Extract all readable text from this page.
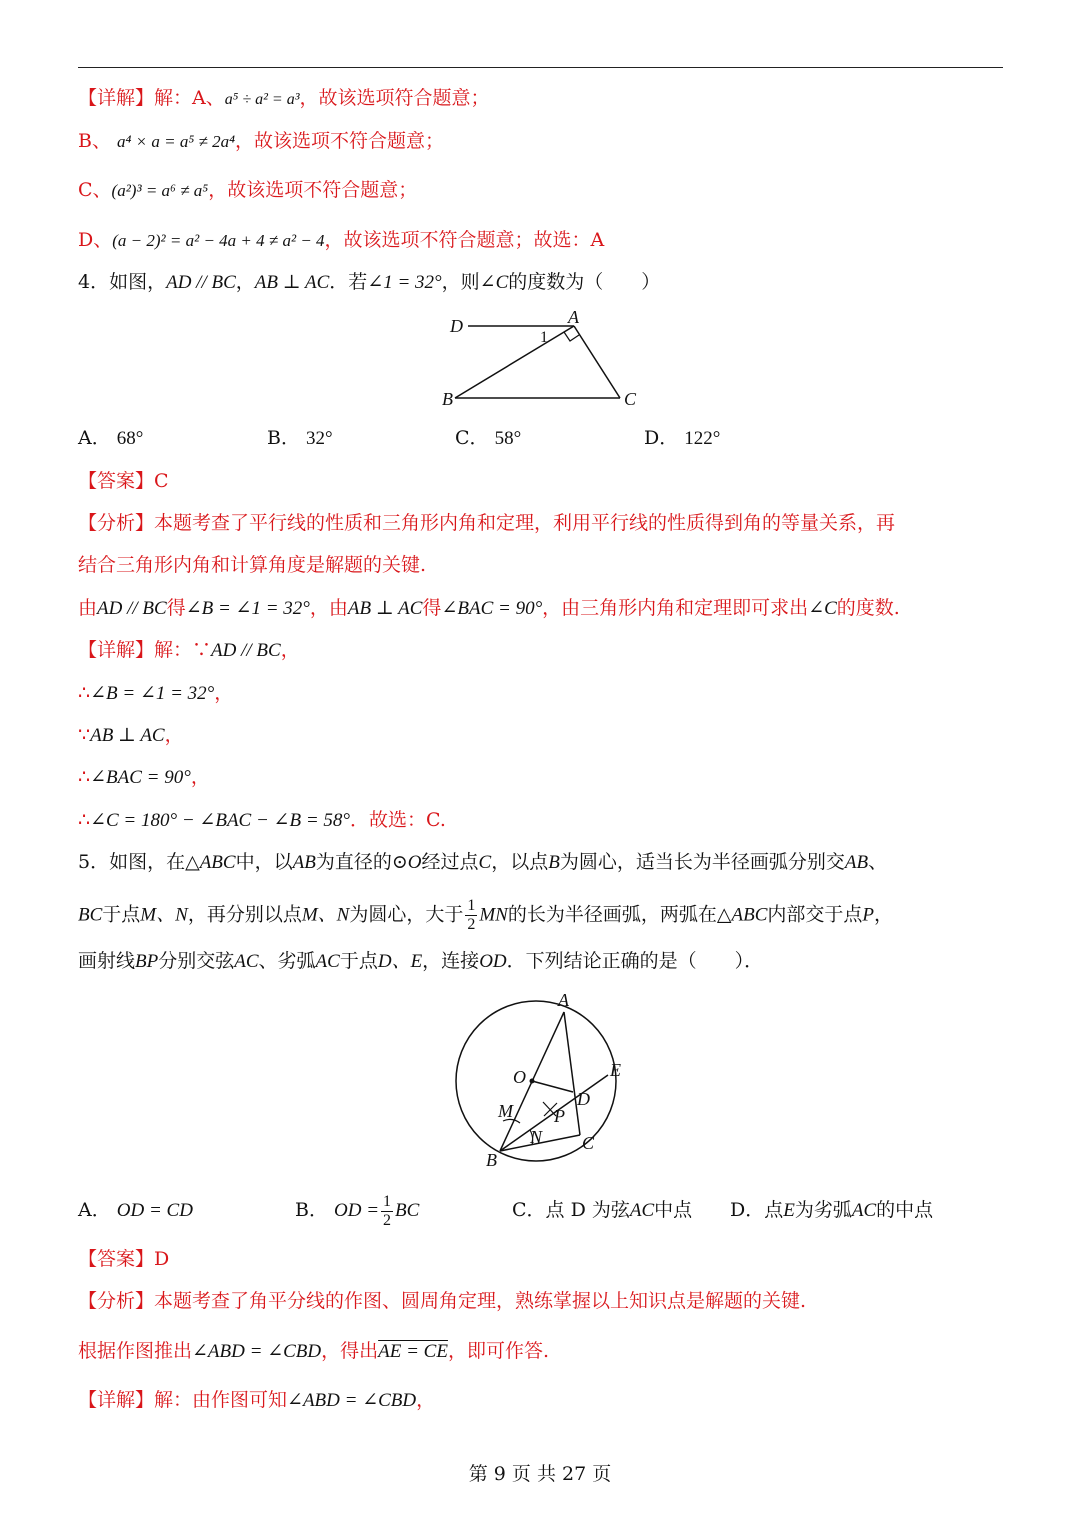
【详解】解：A、a⁵ ÷ a² = a³，故该选项符合题意；
B、 a⁴ × a = a⁵ ≠ 2a⁴，故该选项不符合题意；
C、(a²)³ = a⁶ ≠ a⁵，故该选项不符合题意；
D、(a − 2)² = a² − 4a + 4 ≠ a² − 4，故该选项不符合题意；故选：A
4．如图，AD // BC，AB ⊥ AC．若∠1 = 32°，则∠C的度数为（　　）
D	A
1
B	C
A． 68°	B． 32°	C． 58°	D． 122°
【答案】C
【分析】本题考查了平行线的性质和三角形内角和定理，利用平行线的性质得到角的等量关系，再
结合三角形内角和计算角度是解题的关键.
由AD // BC得∠B = ∠1 = 32°，由AB ⊥ AC得∠BAC = 90°，由三角形内角和定理即可求出∠C的度数.
【详解】解：∵AD // BC，
∴∠B = ∠1 = 32°，
∵AB ⊥ AC，
∴∠BAC = 90°，
∴∠C = 180° − ∠BAC − ∠B = 58°．故选：C.
5．如图，在△ABC中，以AB为直径的⊙O经过点C，以点B为圆心，适当长为半径画弧分别交AB、
BC于点M、N，再分别以点M、N为圆心，大于 $\frac{1}{2}$ MN的长为半径画弧，两弧在△ABC内部交于点P，
画射线BP分别交弦AC、劣弧AC于点D、E，连接OD．下列结论正确的是（　　）．
A
O	E
M P
D
N C
B
A． OD = CD	B． OD = $\frac{1}{2}$ BC	C．点 D 为弦AC中点 D．点E为劣弧AC的中点
【答案】D
【分析】本题考查了角平分线的作图、圆周角定理，熟练掌握以上知识点是解题的关键.
根据作图推出∠ABD = ∠CBD，得出AE = CE，即可作答.
【详解】解：由作图可知∠ABD = ∠CBD，
第 9 页 共 27 页
